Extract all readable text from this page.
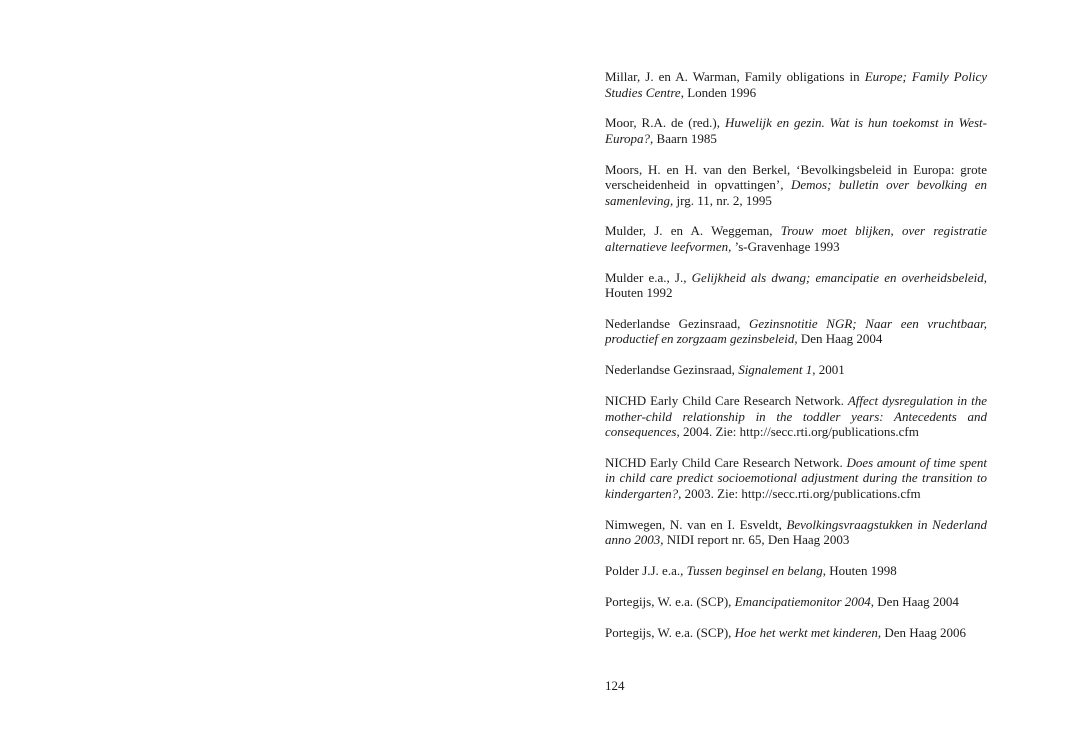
Millar, J. en A. Warman, Family obligations in Europe; Family Policy Studies Centre, Londen 1996
Moor, R.A. de (red.), Huwelijk en gezin. Wat is hun toekomst in West-Europa?, Baarn 1985
Moors, H. en H. van den Berkel, ‘Bevolkingsbeleid in Europa: grote verscheidenheid in opvattingen’, Demos; bulletin over bevolking en samenleving, jrg. 11, nr. 2, 1995
Mulder, J. en A. Weggeman, Trouw moet blijken, over registratie alternatieve leefvormen, ’s-Gravenhage 1993
Mulder e.a., J., Gelijkheid als dwang; emancipatie en overheidsbeleid, Houten 1992
Nederlandse Gezinsraad, Gezinsnotitie NGR; Naar een vruchtbaar, productief en zorgzaam gezinsbeleid, Den Haag 2004
Nederlandse Gezinsraad, Signalement 1, 2001
NICHD Early Child Care Research Network. Affect dysregulation in the mother-child relationship in the toddler years: Antecedents and consequences, 2004. Zie: http://secc.rti.org/publications.cfm
NICHD Early Child Care Research Network. Does amount of time spent in child care predict socioemotional adjustment during the transition to kindergarten?, 2003. Zie: http://secc.rti.org/publications.cfm
Nimwegen, N. van en I. Esveldt, Bevolkingsvraagstukken in Nederland anno 2003, NIDI report nr. 65, Den Haag 2003
Polder J.J. e.a., Tussen beginsel en belang, Houten 1998
Portegijs, W. e.a. (SCP), Emancipatiemonitor 2004, Den Haag 2004
Portegijs, W. e.a. (SCP), Hoe het werkt met kinderen, Den Haag 2006
124
